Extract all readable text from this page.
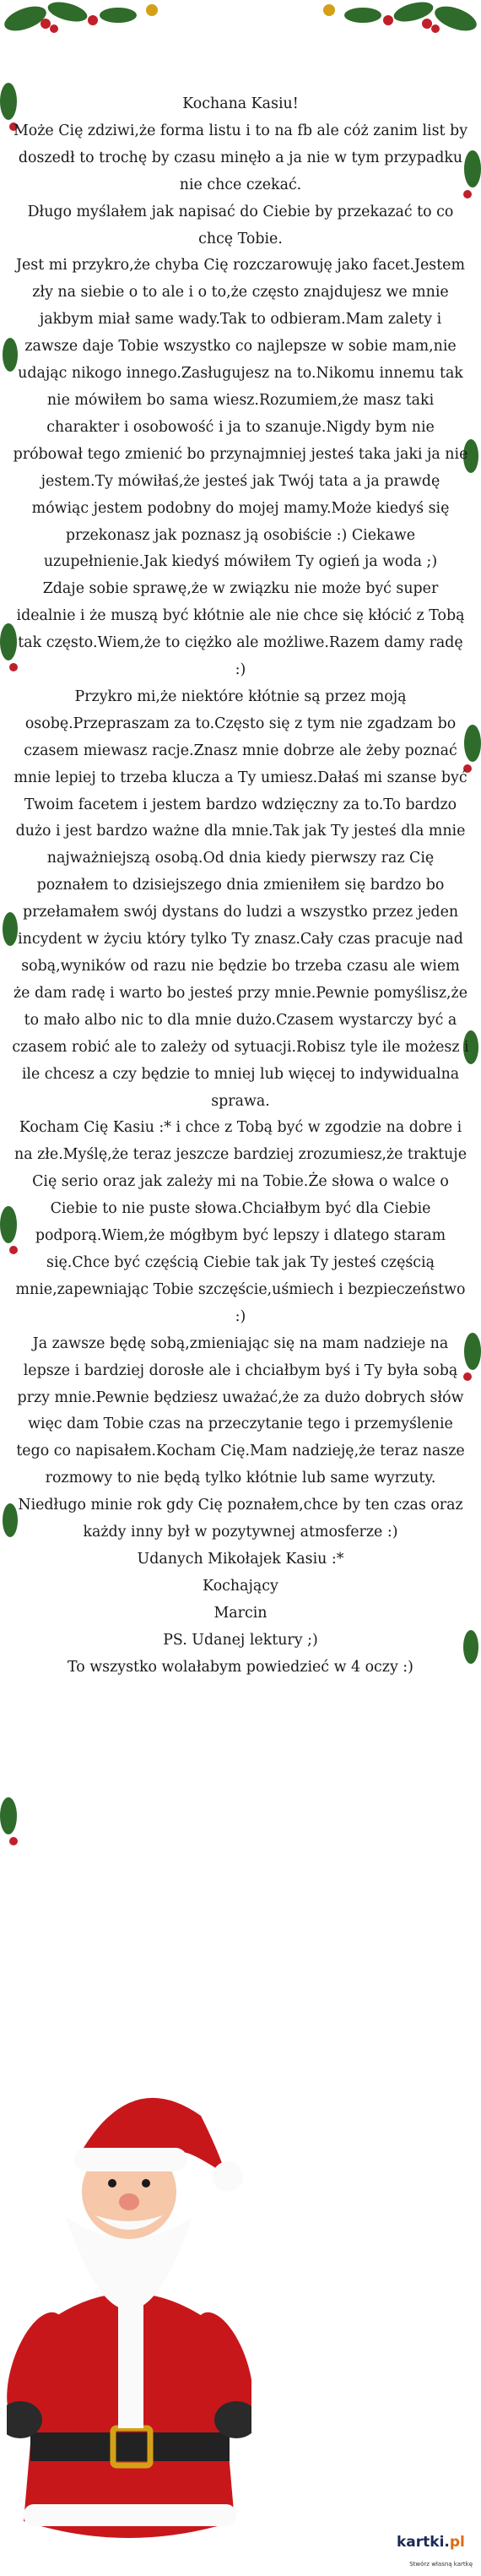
Kochana Kasiu!
Może Cię zdziwi,że forma listu i to na fb ale cóż zanim list by doszedł to trochę by czasu minęło a ja nie w tym przypadku nie chce czekać.
Długo myślałem jak napisać do Ciebie by przekazać to co chcę Tobie.
Jest mi przykro,że chyba Cię rozczarowuję jako facet.Jestem zły na siebie o to ale i o to,że często znajdujesz we mnie jakbym miał same wady.Tak to odbieram.Mam zalety i zawsze daje Tobie wszystko co najlepsze w sobie mam,nie udając nikogo innego.Zasługujesz na to.Nikomu innemu tak nie mówiłem bo sama wiesz.Rozumiem,że masz taki charakter i osobowość i ja to szanuje.Nigdy bym nie próbował tego zmienić bo przynajmniej jesteś taka jaki ja nie jestem.Ty mówiłaś,że jesteś jak Twój tata a ja prawdę mówiąc jestem podobny do mojej mamy.Może kiedyś się przekonasz jak poznasz ją osobiście :) Ciekawe uzupełnienie.Jak kiedyś mówiłem Ty ogień ja woda ;)
Zdaje sobie sprawę,że w związku nie może być super idealnie i że muszą być kłótnie ale nie chce się kłócić z Tobą tak często.Wiem,że to ciężko ale możliwe.Razem damy radę :)
Przykro mi,że niektóre kłótnie są przez moją osobę.Przepraszam za to.Często się z tym nie zgadzam bo czasem miewasz racje.Znasz mnie dobrze ale żeby poznać mnie lepiej to trzeba klucza a Ty umiesz.Dałaś mi szanse być Twoim facetem i jestem bardzo wdzięczny za to.To bardzo dużo i jest bardzo ważne dla mnie.Tak jak Ty jesteś dla mnie najważniejszą osobą.Od dnia kiedy pierwszy raz Cię poznałem to dzisiejszego dnia zmieniłem się bardzo bo przełamałem swój dystans do ludzi a wszystko przez jeden incydent w życiu który tylko Ty znasz.Cały czas pracuje nad sobą,wyników od razu nie będzie bo trzeba czasu ale wiem że dam radę i warto bo jesteś przy mnie.Pewnie pomyślisz,że to mało albo nic to dla mnie dużo.Czasem wystarczy być a czasem robić ale to zależy od sytuacji.Robisz tyle ile możesz i ile chcesz a czy będzie to mniej lub więcej to indywidualna sprawa.
Kocham Cię Kasiu :* i chce z Tobą być w zgodzie na dobre i na złe.Myślę,że teraz jeszcze bardziej zrozumiesz,że traktuje Cię serio oraz jak zależy mi na Tobie.Że słowa o walce o Ciebie to nie puste słowa.Chciałbym być dla Ciebie podporą.Wiem,że mógłbym być lepszy i dlatego staram się.Chce być częścią Ciebie tak jak Ty jesteś częścią mnie,zapewniając Tobie szczęście,uśmiech i bezpieczeństwo :)
Ja zawsze będę sobą,zmieniając się na mam nadzieje na lepsze i bardziej dorosłe ale i chciałbym byś i Ty była sobą przy mnie.Pewnie będziesz uważać,że za dużo dobrych słów więc dam Tobie czas na przeczytanie tego i przemyślenie tego co napisałem.Kocham Cię.Mam nadzieję,że teraz nasze rozmowy to nie będą tylko kłótnie lub same wyrzuty. Niedługo minie rok gdy Cię poznałem,chce by ten czas oraz każdy inny był w pozytywnej atmosferze :)
Udanych Mikołajek Kasiu :*
Kochający
Marcin
PS. Udanej lektury ;)
To wszystko wolałabym powiedzieć w 4 oczy :)
kartki.pl
Stwórz własną kartkę
